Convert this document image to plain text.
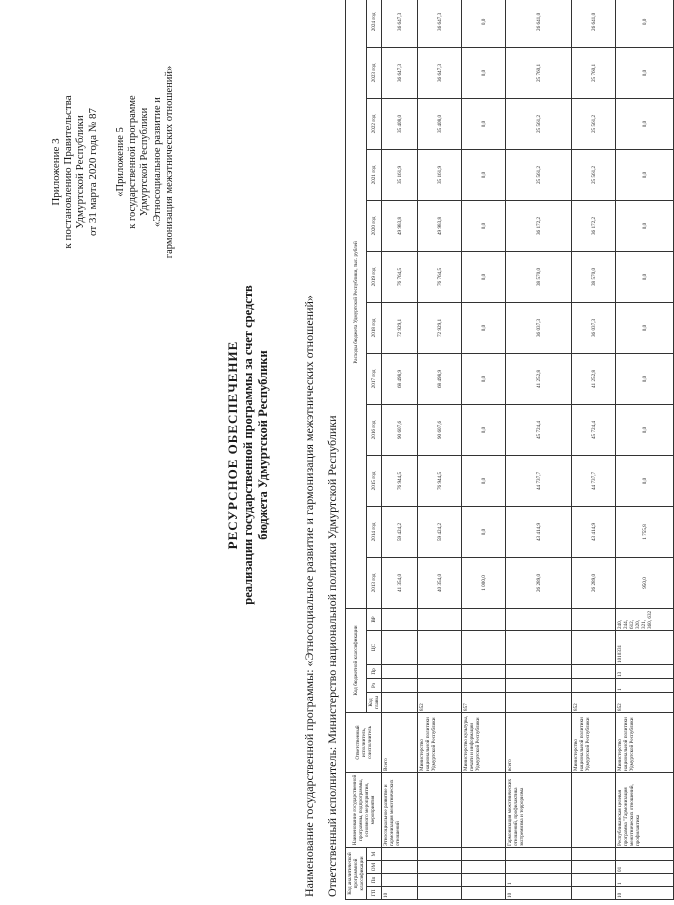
Приложение 3 к постановлению Правительства Удмуртской Республики от 31 марта 2020 года № 87 «Приложение 5 к государственной программе Удмуртской Республики «Этносоциальное развитие и гармонизация межэтнических отношений»
РЕСУРСНОЕ ОБЕСПЕЧЕНИЕ реализации государственной программы за счет средств бюджета Удмуртской Республики	Наименование государственной программы: «Этносоциальное развитие и гармонизация межэтнических отношений» Ответственный исполнитель: Министерство национальной политики Удмуртской Республики Код аналитической программной классификации				Наименование государственной программы, подпрограммы, основного мероприятия, мероприятия	Ответственный исполнитель, соисполнитель	Код бюджетной классификации					Расходы бюджета Удмуртской Республики, тыс. рублей											
ГП	Пп	ОМ	М			Код главы	Рз	Пр	ЦС	ВР	2013 год	2014 год	2015 год	2016 год	2017 год	2018 год	2019 год	2020 год	2021 год	2022 год	2023 год	2024 год
10				Этносоциальное развитие и гармонизация межэтнических отношений	Всего						41 354,0	59 424,2	76 944,5	90 607,6	68 498,9	72 929,1	76 764,5	49 983,8	35 161,9	35 408,0	36 647,3	36 647,3
					Министерство национальной политики Удмуртской Республики	852					40 354,0	59 424,2	76 944,5	90 607,6	68 498,9	72 929,1	76 764,5	49 983,8	35 161,9	35 408,0	36 647,3	36 647,3
					Министерство культуры, печати и информации Удмуртской Республики	857					1 000,0	0,0	0,0	0,0	0,0	0,0	0,0	0,0	0,0	0,0	0,0	0,0
10	1			Гармонизация межэтнических отношений, профилактика экстремизма и терроризма	всего						26 289,0	43 414,9	44 737,7	45 724,4	41 252,8	36 037,3	38 570,0	36 172,2	25 561,2	25 561,2	25 760,1	26 641,0
					Министерство национальной политики Удмуртской Республики	852					26 289,0	43 414,9	44 737,7	45 724,4	41 252,8	36 037,3	38 570,0	36 172,2	25 561,2	25 561,2	25 760,1	26 641,0
10	1	01		Республиканская целевая программа "Гармонизация межэтнических отношений, профилактика	Министерство национальной политики Удмуртской Республики	852	1	13	1010331	240, 244, 612, 320, 321, 360, 632	950,0	1 755,8	0,0	0,0	0,0	0,0	0,0	0,0	0,0	0,0	0,0	0,0
